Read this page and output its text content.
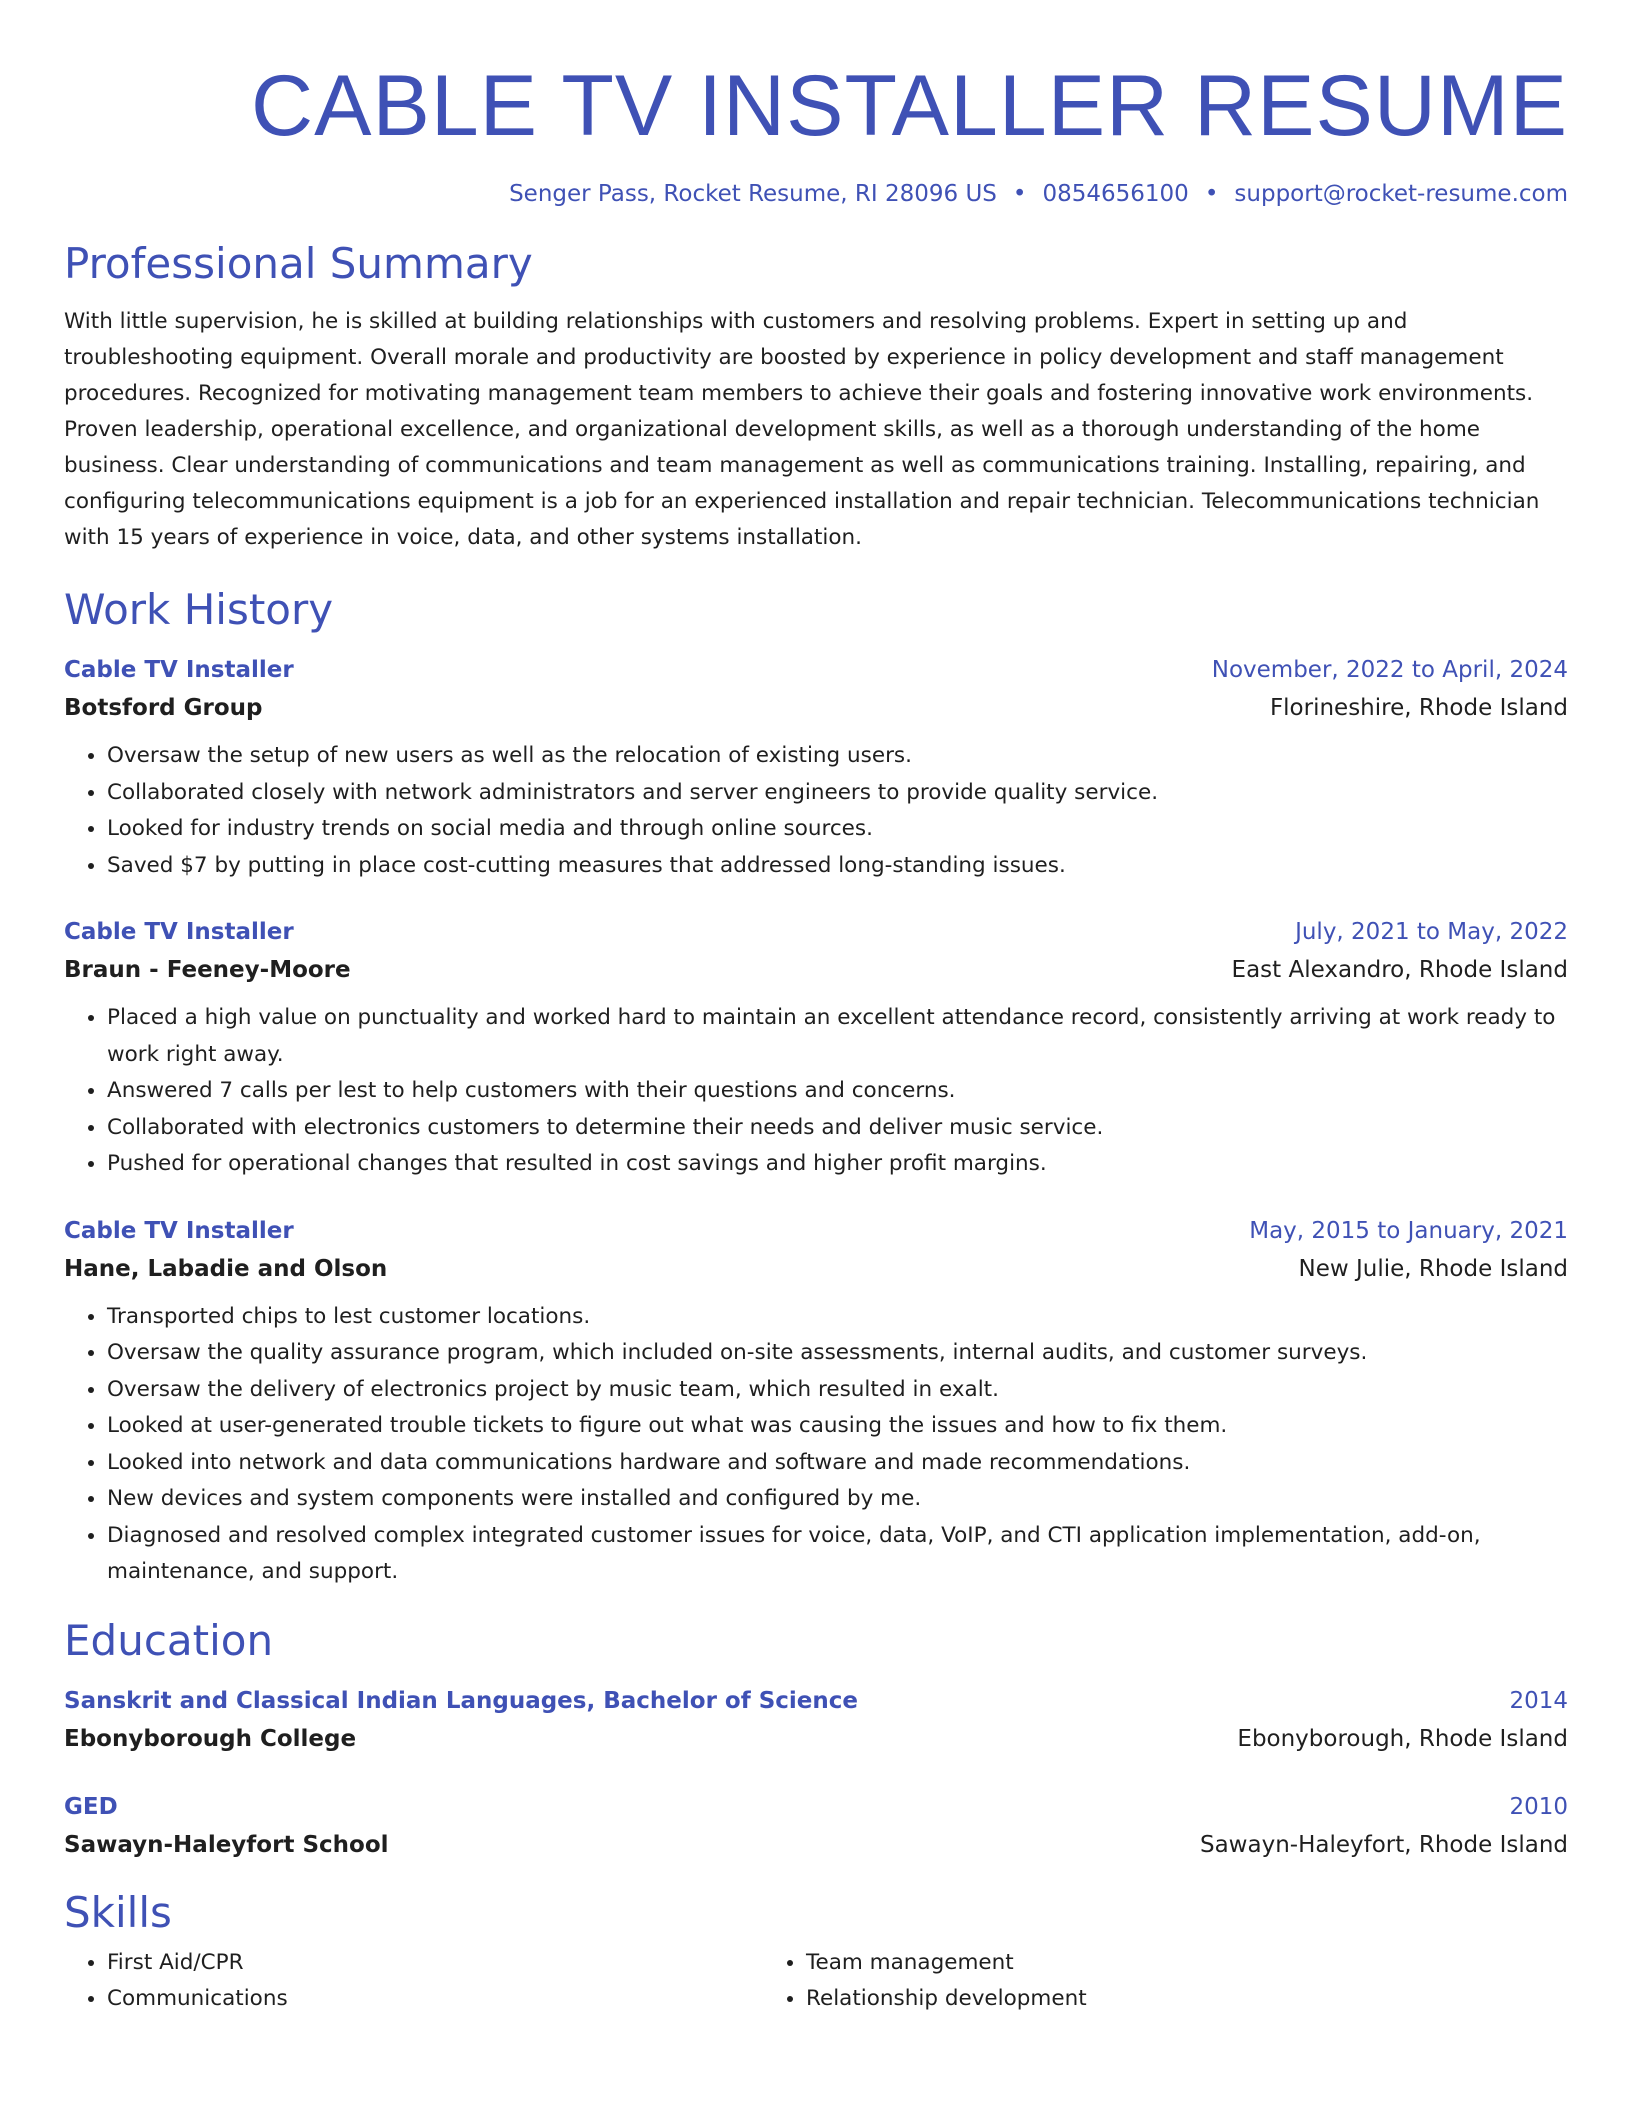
CABLE TV INSTALLER RESUME
Senger Pass, Rocket Resume, RI 28096 US • 0854656100 • support@rocket-resume.com
Professional Summary
With little supervision, he is skilled at building relationships with customers and resolving problems. Expert in setting up and troubleshooting equipment. Overall morale and productivity are boosted by experience in policy development and staff management procedures. Recognized for motivating management team members to achieve their goals and fostering innovative work environments. Proven leadership, operational excellence, and organizational development skills, as well as a thorough understanding of the home business. Clear understanding of communications and team management as well as communications training. Installing, repairing, and configuring telecommunications equipment is a job for an experienced installation and repair technician. Telecommunications technician with 15 years of experience in voice, data, and other systems installation.
Work History
Cable TV Installer	November, 2022 to April, 2024
Botsford Group	Florineshire, Rhode Island
• Oversaw the setup of new users as well as the relocation of existing users.
• Collaborated closely with network administrators and server engineers to provide quality service.
• Looked for industry trends on social media and through online sources.
• Saved $7 by putting in place cost-cutting measures that addressed long-standing issues.
Cable TV Installer	July, 2021 to May, 2022
Braun - Feeney-Moore	East Alexandro, Rhode Island
• Placed a high value on punctuality and worked hard to maintain an excellent attendance record, consistently arriving at work ready to work right away.
• Answered 7 calls per lest to help customers with their questions and concerns.
• Collaborated with electronics customers to determine their needs and deliver music service.
• Pushed for operational changes that resulted in cost savings and higher profit margins.
Cable TV Installer	May, 2015 to January, 2021
Hane, Labadie and Olson	New Julie, Rhode Island
• Transported chips to lest customer locations.
• Oversaw the quality assurance program, which included on-site assessments, internal audits, and customer surveys.
• Oversaw the delivery of electronics project by music team, which resulted in exalt.
• Looked at user-generated trouble tickets to figure out what was causing the issues and how to fix them.
• Looked into network and data communications hardware and software and made recommendations.
• New devices and system components were installed and configured by me.
• Diagnosed and resolved complex integrated customer issues for voice, data, VoIP, and CTI application implementation, add-on, maintenance, and support.
Education
Sanskrit and Classical Indian Languages, Bachelor of Science	2014
Ebonyborough College	Ebonyborough, Rhode Island
GED	2010
Sawayn-Haleyfort School	Sawayn-Haleyfort, Rhode Island
Skills
• First Aid/CPR
• Communications
• Team management
• Relationship development
